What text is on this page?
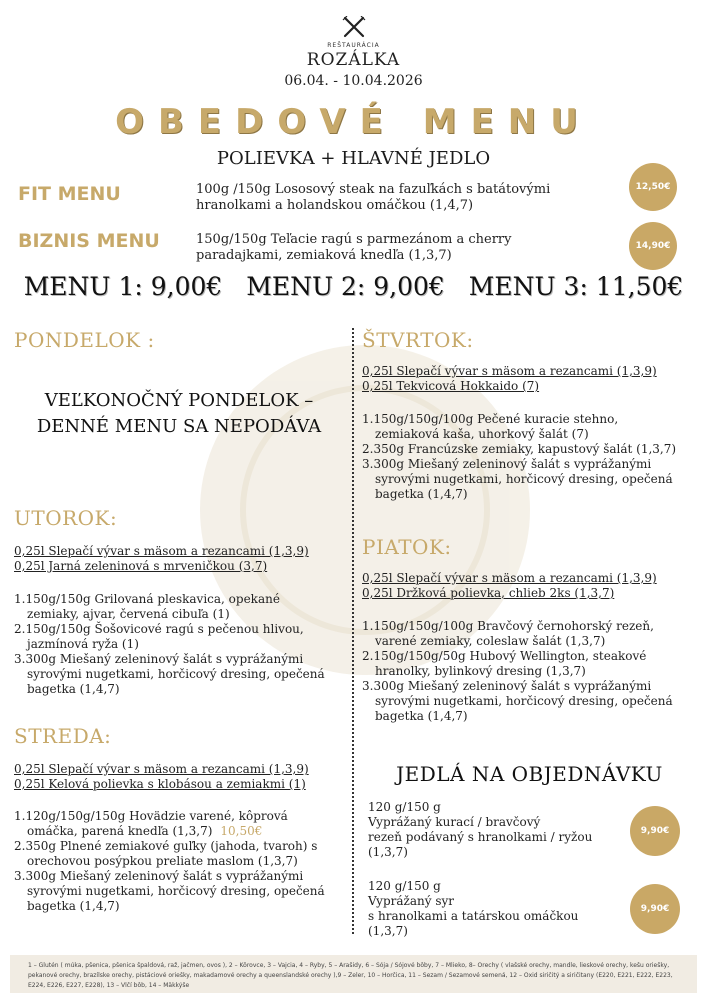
REŠTAURÁCIA
ROZÁLKA
06.04. - 10.04.2026
OBEDOVÉ MENU
POLIEVKA + HLAVNÉ JEDLO
FIT MENU	100g /150g Lososový steak na fazuľkách s batátovými
hranolkami a holandskou omáčkou (1,4,7)
12,50€
BIZNIS MENU	150g/150g Teľacie ragú s parmezánom a cherry
paradajkami, zemiaková knedľa (1,3,7)
14,90€
MENU 1: 9,00€ MENU 2: 9,00€ MENU 3: 11,50€
PONDELOK :
VEĽKONOČNÝ PONDELOK –
DENNÉ MENU SA NEPODÁVA
UTOROK:
0,25l Slepačí vývar s mäsom a rezancami (1,3,9)
0,25l Jarná zeleninová s mrveničkou (3,7)
1.150g/150g Grilovaná pleskavica, opekané zemiaky, ajvar, červená cibuľa (1)
2.150g/150g Šošovicové ragú s pečenou hlivou, jazmínová ryža (1)
3.300g Miešaný zeleninový šalát s vyprážanými syrovými nugetkami, horčicový dresing, opečená bagetka (1,4,7)
STREDA:
0,25l Slepačí vývar s mäsom a rezancami (1,3,9)
0,25l Kelová polievka s klobásou a zemiakmi (1)
1.120g/150g/150g Hovädzie varené, kôprová omáčka, parená knedľa (1,3,7) 10,50€
2.350g Plnené zemiakové guľky (jahoda, tvaroh) s orechovou posýpkou preliate maslom (1,3,7)
3.300g Miešaný zeleninový šalát s vyprážanými syrovými nugetkami, horčicový dresing, opečená bagetka (1,4,7)
ŠTVRTOK:
0,25l Slepačí vývar s mäsom a rezancami (1,3,9)
0,25l Tekvicová Hokkaido (7)
1.150g/150g/100g Pečené kuracie stehno, zemiaková kaša, uhorkový šalát (7)
2.350g Francúzske zemiaky, kapustový šalát (1,3,7)
3.300g Miešaný zeleninový šalát s vyprážanými syrovými nugetkami, horčicový dresing, opečená bagetka (1,4,7)
PIATOK:
0,25l Slepačí vývar s mäsom a rezancami (1,3,9)
0,25l Držková polievka, chlieb 2ks (1,3,7)
1.150g/150g/100g Bravčový černohorský rezeň, varené zemiaky, coleslaw šalát (1,3,7)
2.150g/150g/50g Hubový Wellington, steakové hranolky, bylinkový dresing (1,3,7)
3.300g Miešaný zeleninový šalát s vyprážanými syrovými nugetkami, horčicový dresing, opečená bagetka (1,4,7)
JEDLÁ NA OBJEDNÁVKU
120 g/150 g
Vyprážaný kurací / bravčový
rezeň podávaný s hranolkami / ryžou
(1,3,7)
9,90€
120 g/150 g
Vyprážaný syr
s hranolkami a tatárskou omáčkou
(1,3,7)
9,90€
1 – Glutén ( múka, pšenica, pšenica špaldová, raž, jačmen, ovos ), 2 – Kôrovce, 3 – Vajcia, 4 – Ryby, 5 – Arašidy, 6 – Sója / Sójové bôby, 7 – Mlieko, 8– Orechy ( vlašské orechy, mandle, lieskové orechy, kešu oriešky, pekanové orechy, brazílske orechy, pistáciové oriešky, makadamové orechy a queenslandské orechy ),9 – Zeler, 10 – Horčica, 11 – Sezam / Sezamové semená, 12 – Oxid siričitý a siričitany (E220, E221, E222, E223, E224, E226, E227, E228), 13 – Vlčí bôb, 14 – Mäkkýše
